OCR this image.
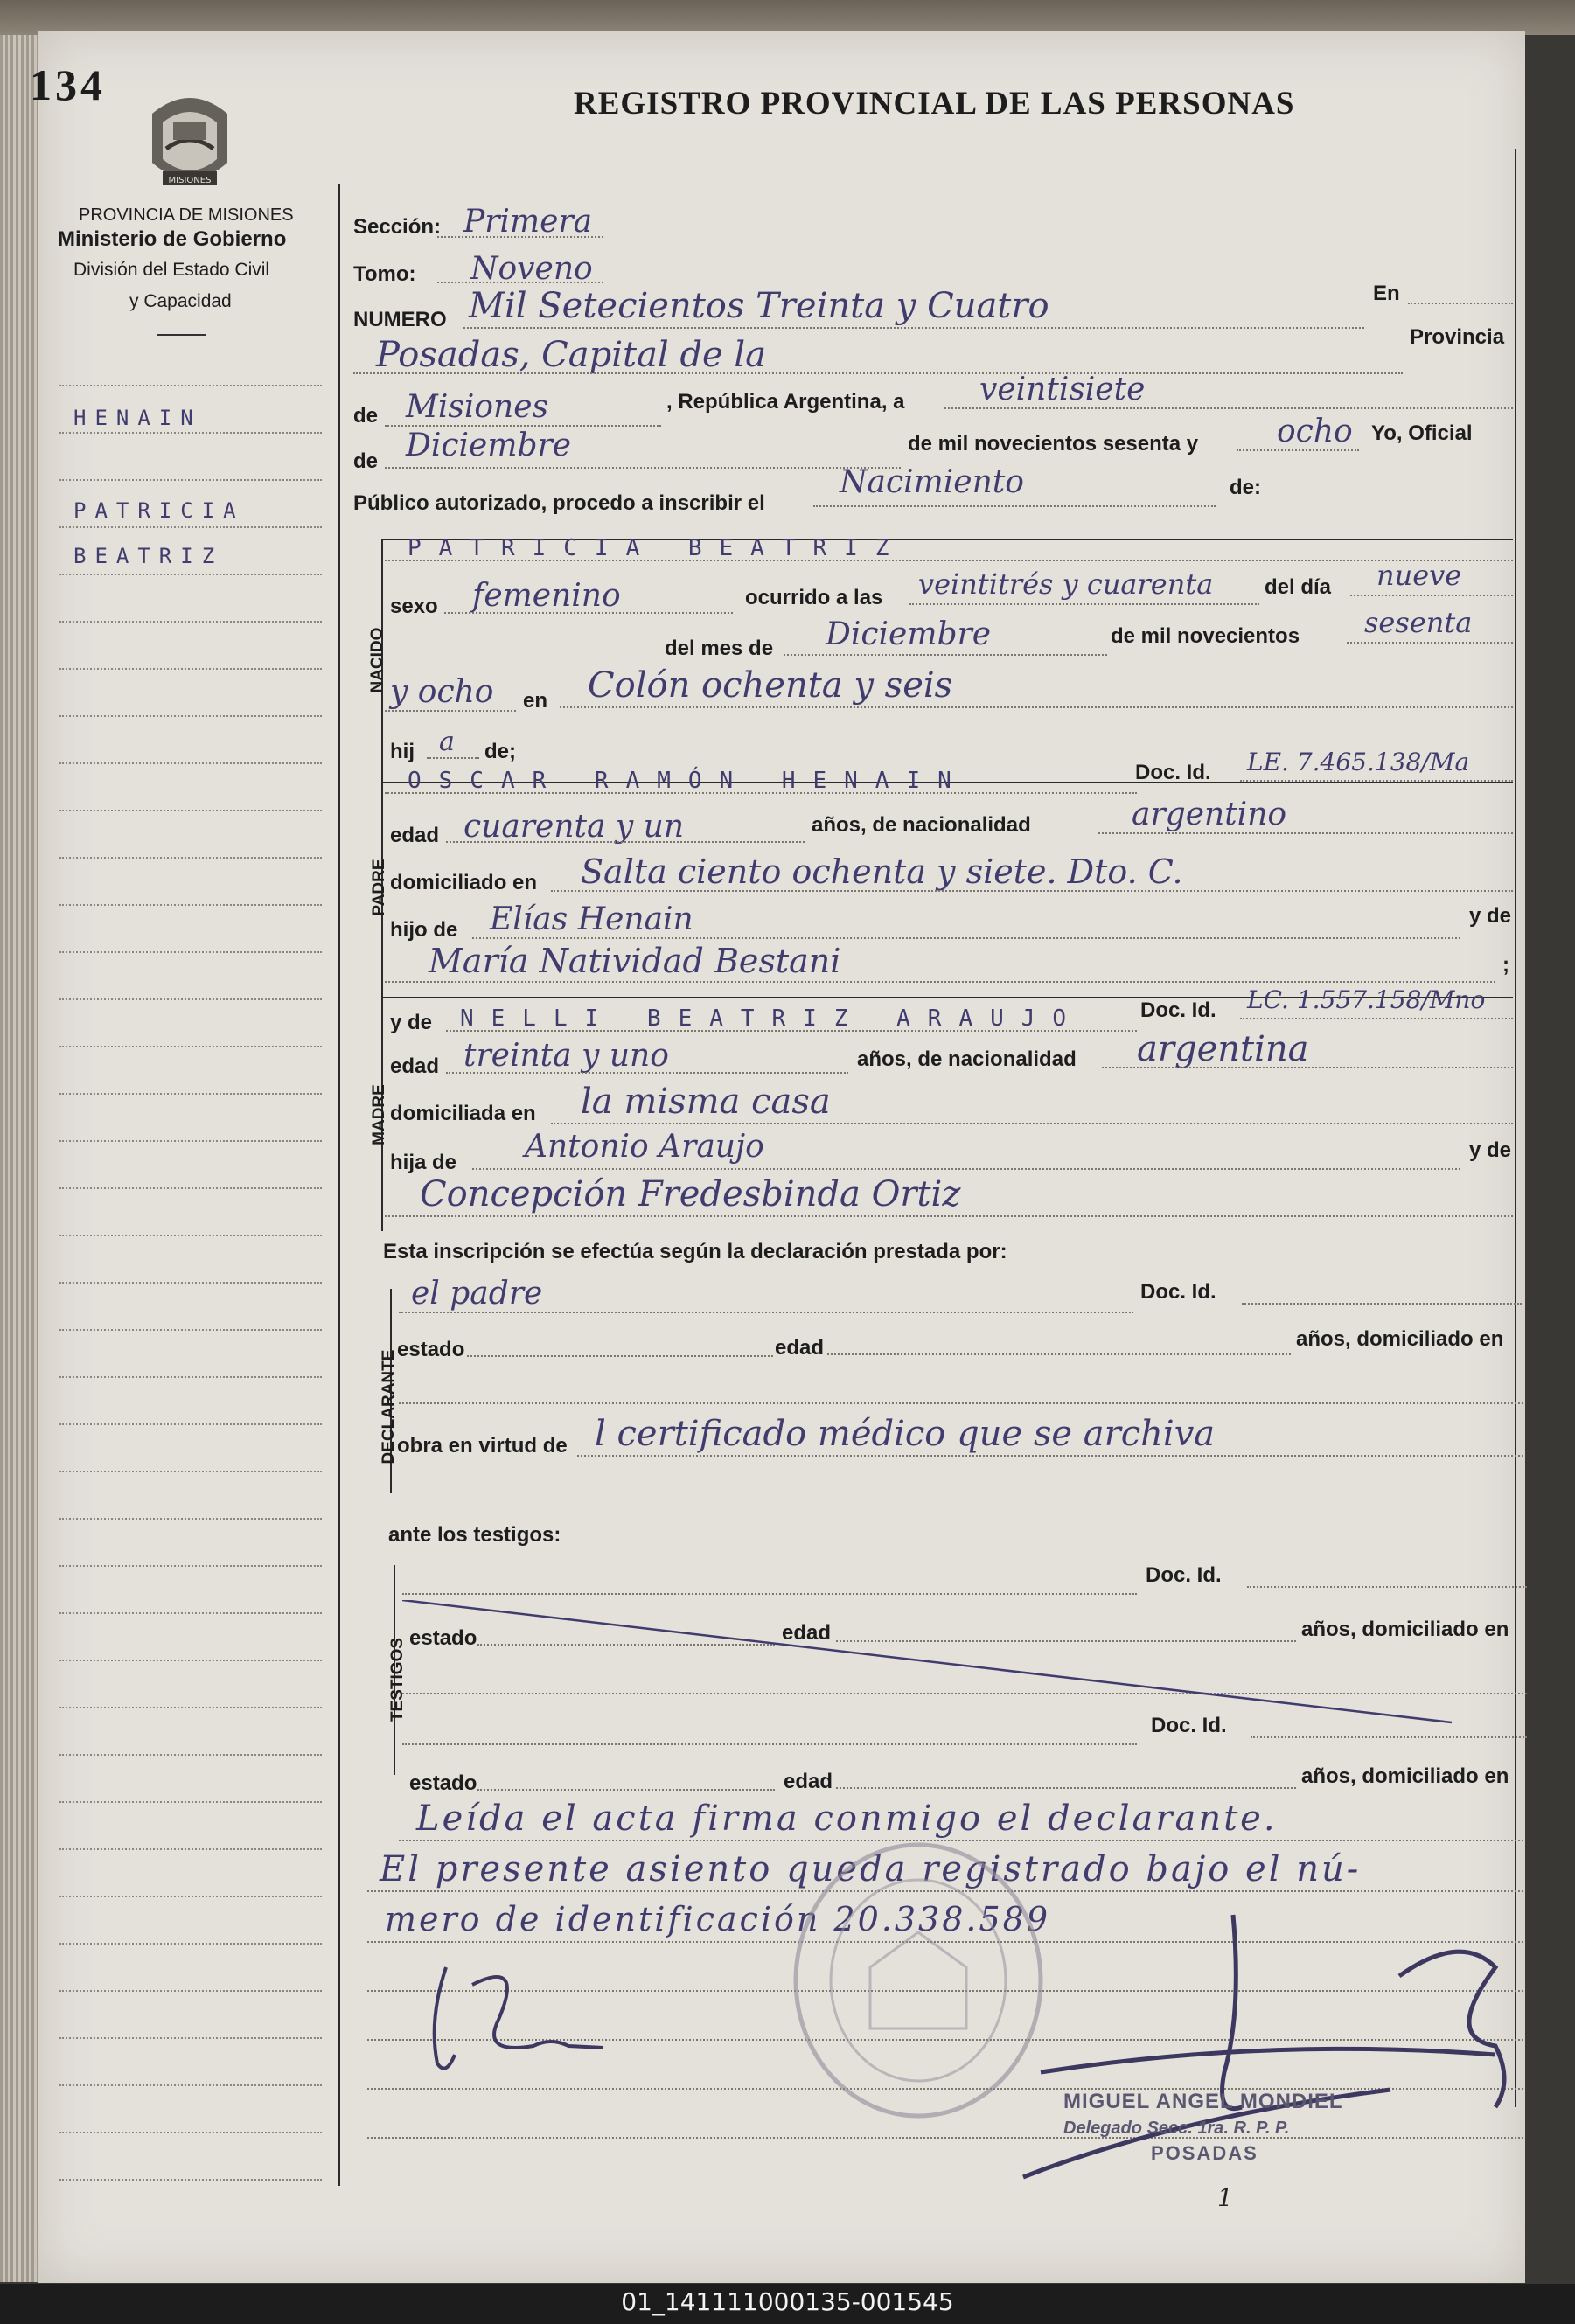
134
MISIONES
REGISTRO PROVINCIAL DE LAS PERSONAS
PROVINCIA DE MISIONES
Ministerio de Gobierno
División del Estado Civil
y Capacidad
HENAIN
PATRICIA
BEATRIZ
Sección: Primera
Tomo: Noveno
NUMERO Mil Setecientos Treinta y Cuatro	En
Posadas, Capital de la	Provincia
de Misiones	, República Argentina, a veintisiete
de Diciembre	de mil novecientos sesenta y ocho Yo, Oficial
Público autorizado, procedo a inscribir el
Nacimiento	de:
NACIDO
PATRICIA BEATRIZ
sexo femenino	ocurrido a las veintitrés y cuarenta del día nueve
del mes de Diciembre	de mil novecientos sesenta
y ocho en Colón ochenta y seis
hij a de;
PADRE
OSCAR RAMÓN HENAIN	Doc. Id. LE. 7.465.138/Ma
edad cuarenta y un	años, de nacionalidad	argentino
domiciliado en Salta ciento ochenta y siete. Dto. C.
hijo de Elías Henain	y de
María Natividad Bestani	;
MADRE
y de NELLI BEATRIZ ARAUJO	Doc. Id. LC. 1.557.158/Mno
edad treinta y uno	años, de nacionalidad argentina
domiciliada en la misma casa
hija de Antonio Araujo	y de
Concepción Fredesbinda Ortiz
Esta inscripción se efectúa según la declaración prestada por:
DECLARANTE
el padre	Doc. Id.
estado	edad	años, domiciliado en
obra en virtud de l certificado médico que se archiva
ante los testigos:
TESTIGOS
Doc. Id.
estado	edad	años, domiciliado en
Doc. Id.
estado	edad	años, domiciliado en
Leída el acta firma conmigo el declarante.
El presente asiento queda registrado bajo el nú-
mero de identificación 20.338.589
MIGUEL ANGEL MONDIEL
Delegado Secc. 1ra. R. P. P.
POSADAS
1
01_141111000135-001545
